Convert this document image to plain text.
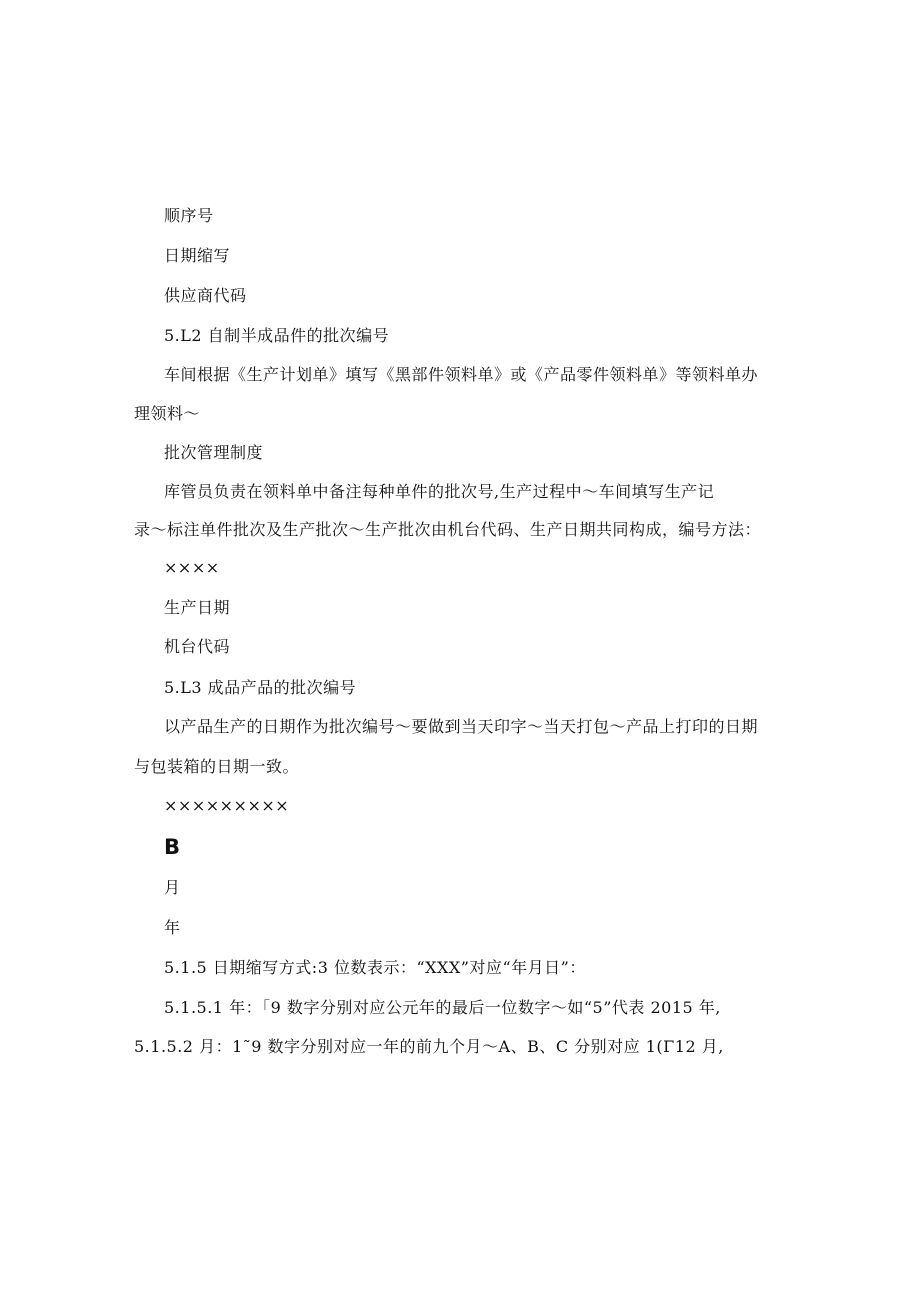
顺序号
日期缩写
供应商代码
5.L2 自制半成品件的批次编号
车间根据《生产计划单》填写《黑部件领料单》或《产品零件领料单》等领料单办
理领料～
批次管理制度
库管员负责在领料单中备注每种单件的批次号,生产过程中～车间填写生产记
录～标注单件批次及生产批次～生产批次由机台代码、生产日期共同构成，编号方法：
××××
生产日期
机台代码
5.L3 成品产品的批次编号
以产品生产的日期作为批次编号～要做到当天印字～当天打包～产品上打印的日期
与包装箱的日期一致。
×××××××××
B
月
年
5.1.5 日期缩写方式:3 位数表示：“XXX”对应“年月日”：
5.1.5.1 年：「9 数字分别对应公元年的最后一位数字～如“5”代表 2015 年,
5.1.5.2 月：1˜9 数字分别对应一年的前九个月～A、B、C 分别对应 1(Γ12 月,
